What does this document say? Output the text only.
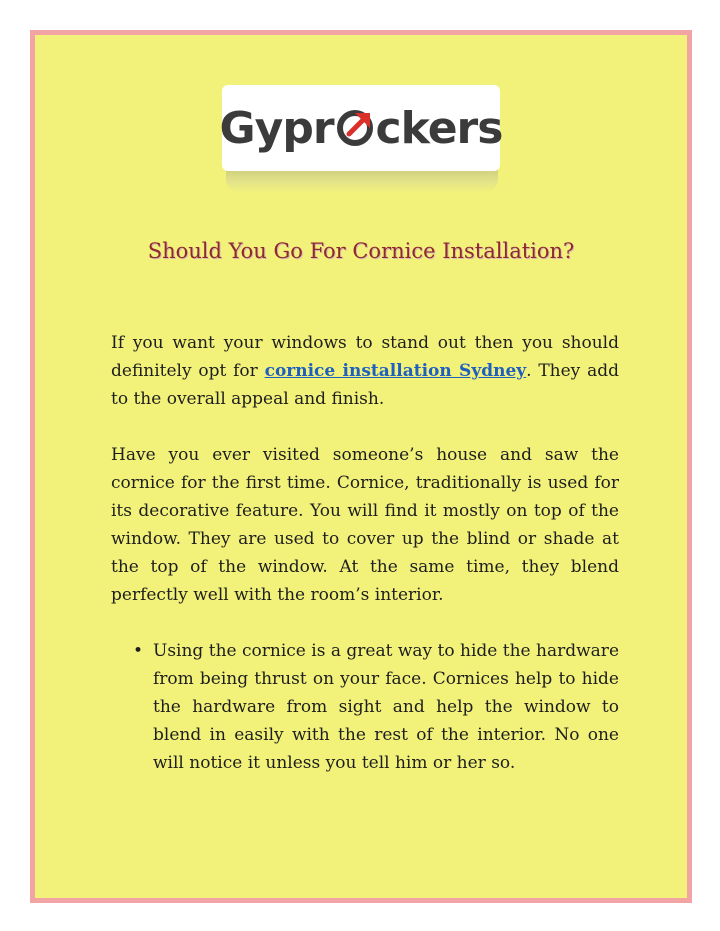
Gypr ckers
Should You Go For Cornice Installation?

If you want your windows to stand out then you should definitely opt for cornice installation Sydney. They add to the overall appeal and finish.

Have you ever visited someone’s house and saw the cornice for the first time. Cornice, traditionally is used for its decorative feature. You will find it mostly on top of the window. They are used to cover up the blind or shade at the top of the window. At the same time, they blend perfectly well with the room’s interior.

• Using the cornice is a great way to hide the hardware from being thrust on your face. Cornices help to hide the hardware from sight and help the window to blend in easily with the rest of the interior. No one will notice it unless you tell him or her so.
